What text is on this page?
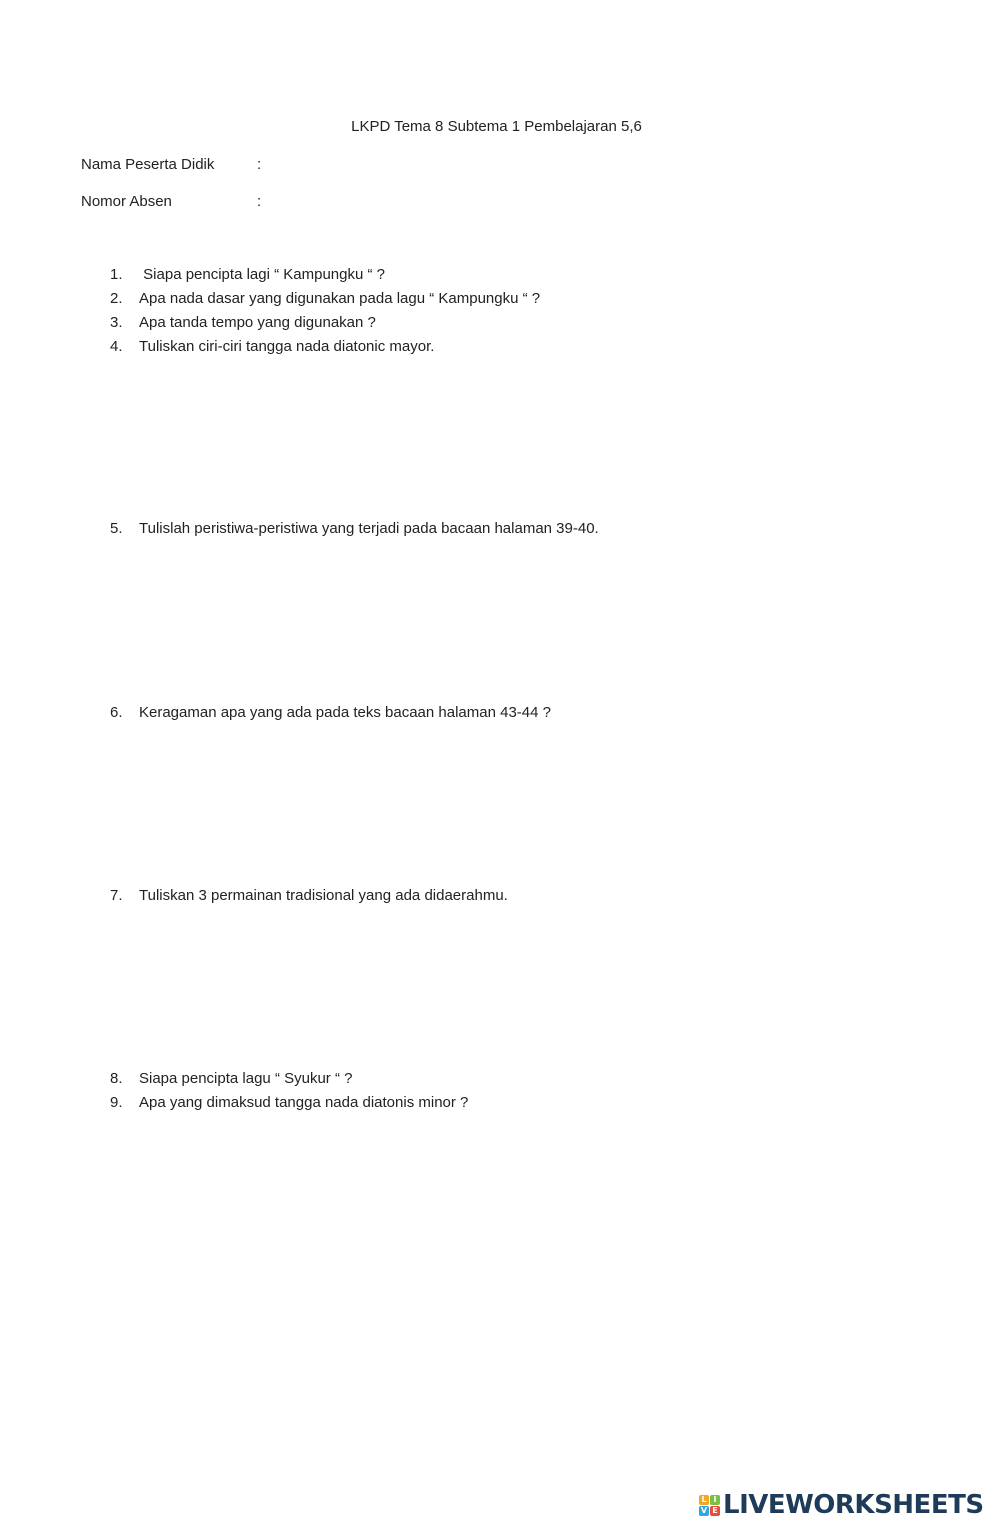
LKPD Tema 8 Subtema 1 Pembelajaran 5,6
Nama Peserta Didik	:
Nomor Absen	:
1.	Siapa pencipta lagi “ Kampungku “ ?
2.	Apa nada dasar yang digunakan pada lagu “ Kampungku “ ?
3.	Apa tanda tempo yang digunakan ?
4.	Tuliskan ciri-ciri tangga nada diatonic mayor.
5.	Tulislah peristiwa-peristiwa yang terjadi pada bacaan halaman 39-40.
6.	Keragaman apa yang ada pada teks bacaan halaman 43-44 ?
7.	Tuliskan 3 permainan tradisional yang ada didaerahmu.
8.	Siapa pencipta lagu “ Syukur “ ?
9.	Apa yang dimaksud tangga nada diatonis minor ?
L I
V E LIVEWORKSHEETS
